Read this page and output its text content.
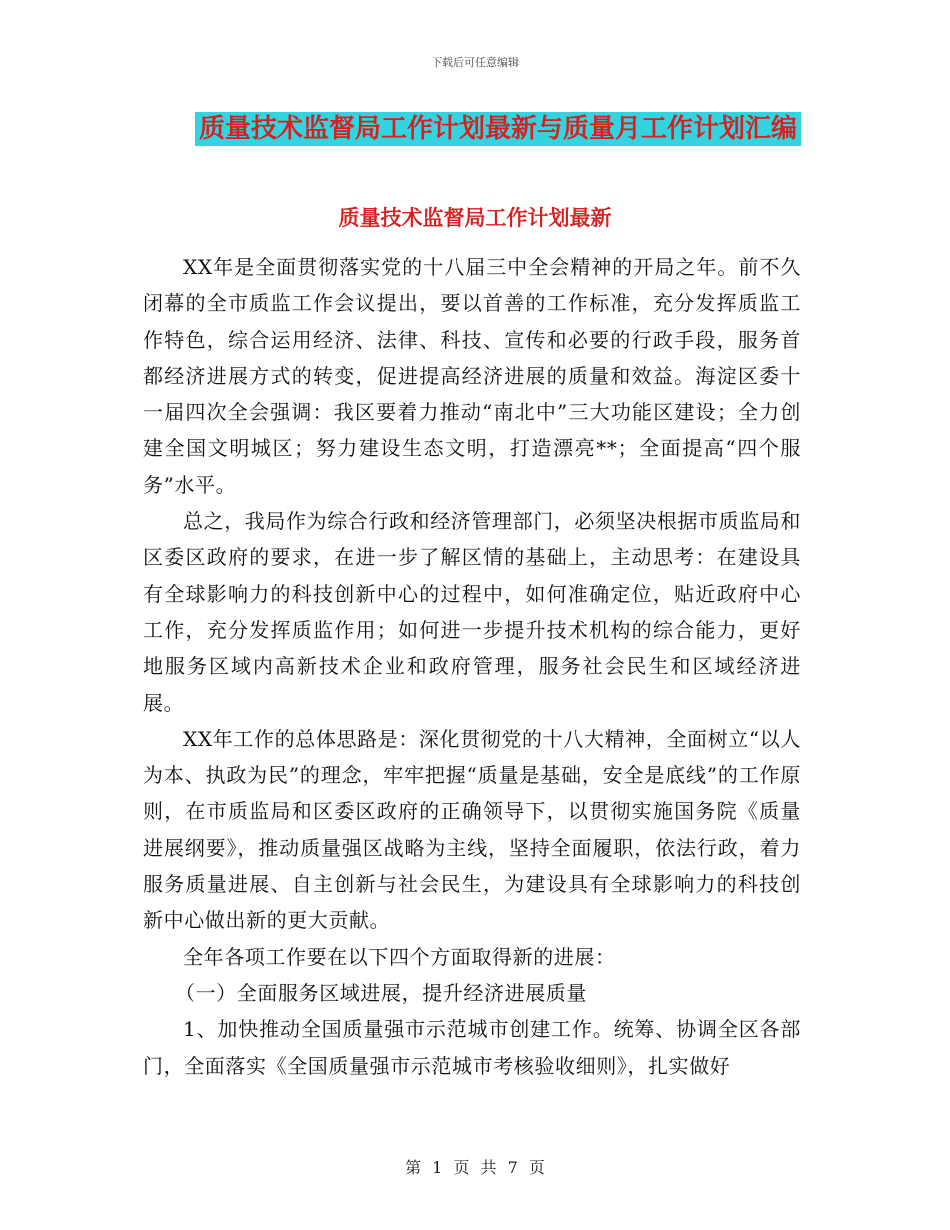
下载后可任意编辑
质量技术监督局工作计划最新与质量月工作计划汇编
质量技术监督局工作计划最新

XX年是全面贯彻落实党的十八届三中全会精神的开局之年。前不久闭幕的全市质监工作会议提出，要以首善的工作标准，充分发挥质监工作特色，综合运用经济、法律、科技、宣传和必要的行政手段，服务首都经济进展方式的转变，促进提高经济进展的质量和效益。海淀区委十一届四次全会强调：我区要着力推动“南北中”三大功能区建设；全力创建全国文明城区；努力建设生态文明，打造漂亮**；全面提高“四个服务”水平。

总之，我局作为综合行政和经济管理部门，必须坚决根据市质监局和区委区政府的要求，在进一步了解区情的基础上，主动思考：在建设具有全球影响力的科技创新中心的过程中，如何准确定位，贴近政府中心工作，充分发挥质监作用；如何进一步提升技术机构的综合能力，更好地服务区域内高新技术企业和政府管理，服务社会民生和区域经济进展。

XX年工作的总体思路是：深化贯彻党的十八大精神，全面树立“以人为本、执政为民”的理念，牢牢把握“质量是基础，安全是底线”的工作原则，在市质监局和区委区政府的正确领导下，以贯彻实施国务院《质量进展纲要》，推动质量强区战略为主线，坚持全面履职，依法行政，着力服务质量进展、自主创新与社会民生，为建设具有全球影响力的科技创新中心做出新的更大贡献。

全年各项工作要在以下四个方面取得新的进展：

（一）全面服务区域进展，提升经济进展质量

1、加快推动全国质量强市示范城市创建工作。统筹、协调全区各部门，全面落实《全国质量强市示范城市考核验收细则》，扎实做好

第 1 页 共 7 页
